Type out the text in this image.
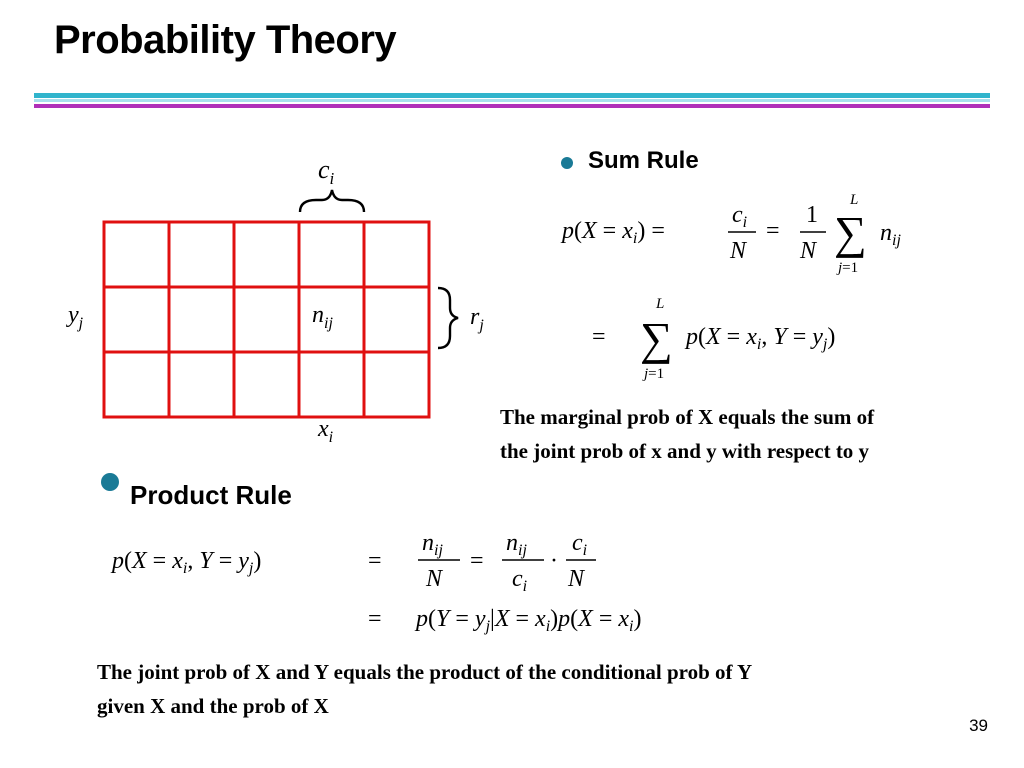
Probability Theory
$c_i$
$r_j$
$y_j$	$n_{ij}$
$x_i$
Sum Rule
$p(X = x_i)$ =
$c_i$
N
=
1
N ∑
L
j=1
$n_{ij}$
= ∑
L
j=1
$p(X = x_i$, $Y = y_j$)
The marginal prob of X equals the sum of
the joint prob of x and y with respect to y
Product Rule
$p(X = x_i$, $Y = y_j$)	=
$n_{ij}$
N
=
$n_{ij}$
$c_i$
·
$c_i$
N
= $p(Y = y_j|X = x_i)p(X = x_i)$
The joint prob of X and Y equals the product of the conditional prob of Y
given X and the prob of X
39
